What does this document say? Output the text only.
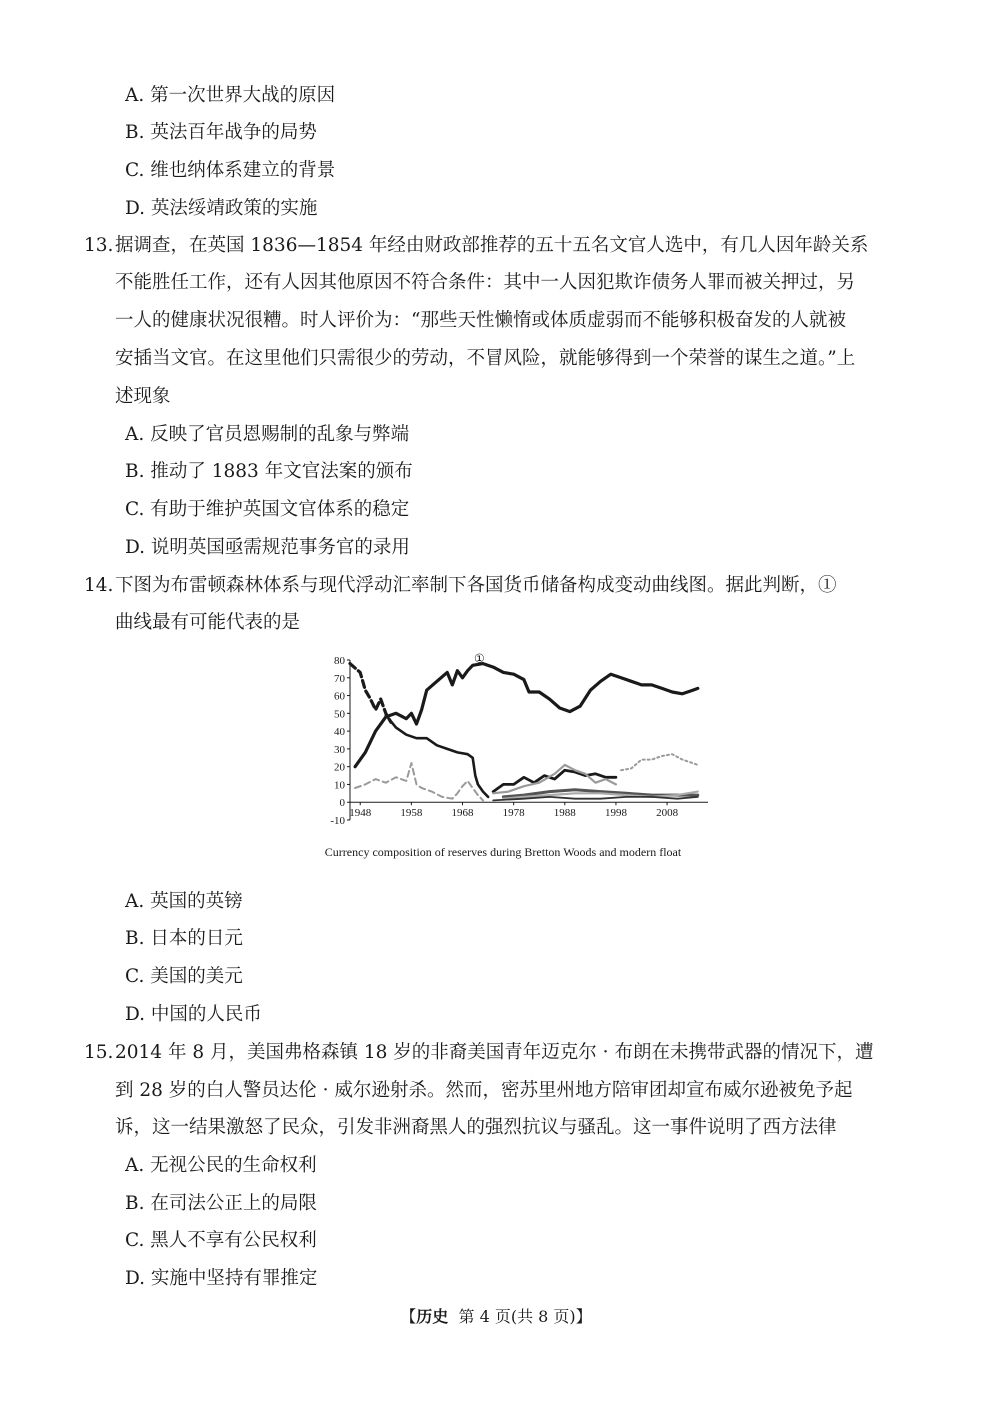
A. 第一次世界大战的原因
B. 英法百年战争的局势
C. 维也纳体系建立的背景
D. 英法绥靖政策的实施
13. 据调查，在英国 1836—1854 年经由财政部推荐的五十五名文官人选中，有几人因年龄关系
不能胜任工作，还有人因其他原因不符合条件：其中一人因犯欺诈债务人罪而被关押过，另
一人的健康状况很糟。时人评价为：“那些天性懒惰或体质虚弱而不能够积极奋发的人就被
安插当文官。在这里他们只需很少的劳动，不冒风险，就能够得到一个荣誉的谋生之道。”上
述现象
A. 反映了官员恩赐制的乱象与弊端
B. 推动了 1883 年文官法案的颁布
C. 有助于维护英国文官体系的稳定
D. 说明英国亟需规范事务官的录用
14. 下图为布雷顿森林体系与现代浮动汇率制下各国货币储备构成变动曲线图。据此判断，①
曲线最有可能代表的是
80
70
60
50
40
30
20
10
0
-10
1948	1958	1968	1978	1988	1998	2008
①
Currency composition of reserves during Bretton Woods and modern float
A. 英国的英镑
B. 日本的日元
C. 美国的美元
D. 中国的人民币
15. 2014 年 8 月，美国弗格森镇 18 岁的非裔美国青年迈克尔 · 布朗在未携带武器的情况下，遭
到 28 岁的白人警员达伦 · 威尔逊射杀。然而，密苏里州地方陪审团却宣布威尔逊被免予起
诉，这一结果激怒了民众，引发非洲裔黑人的强烈抗议与骚乱。这一事件说明了西方法律
A. 无视公民的生命权利
B. 在司法公正上的局限
C. 黑人不享有公民权利
D. 实施中坚持有罪推定
【历史 第 4 页(共 8 页)】
